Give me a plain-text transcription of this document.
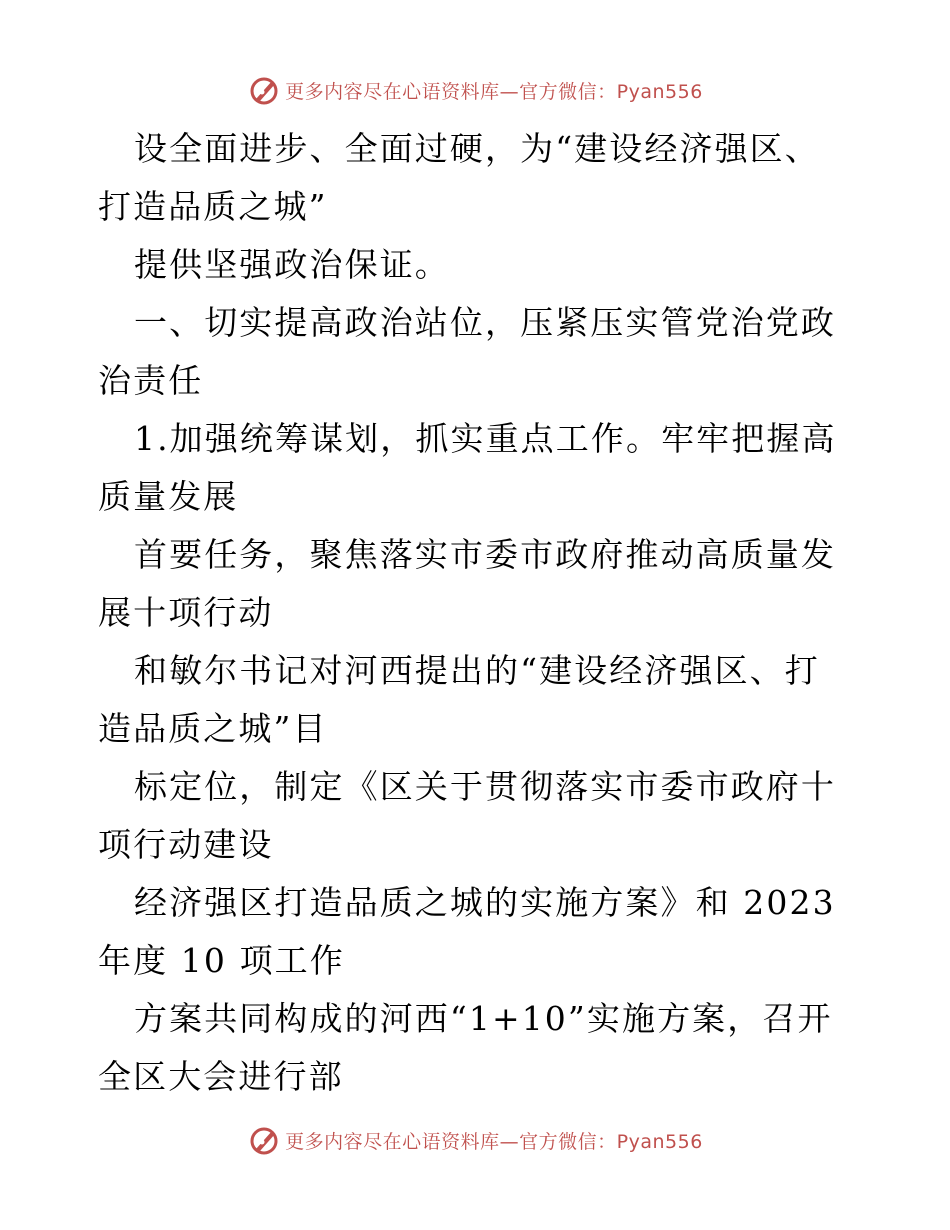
更多内容尽在心语资料库—官方微信：Pyan556

设全面进步、全面过硬，为“建设经济强区、打造品质之城”

提供坚强政治保证。

一、切实提高政治站位，压紧压实管党治党政治责任

1.加强统筹谋划，抓实重点工作。牢牢把握高质量发展

首要任务，聚焦落实市委市政府推动高质量发展十项行动

和敏尔书记对河西提出的“建设经济强区、打造品质之城”目

标定位，制定《区关于贯彻落实市委市政府十项行动建设

经济强区打造品质之城的实施方案》和 2023 年度 10 项工作

方案共同构成的河西“1+10”实施方案，召开全区大会进行部

更多内容尽在心语资料库—官方微信：Pyan556
